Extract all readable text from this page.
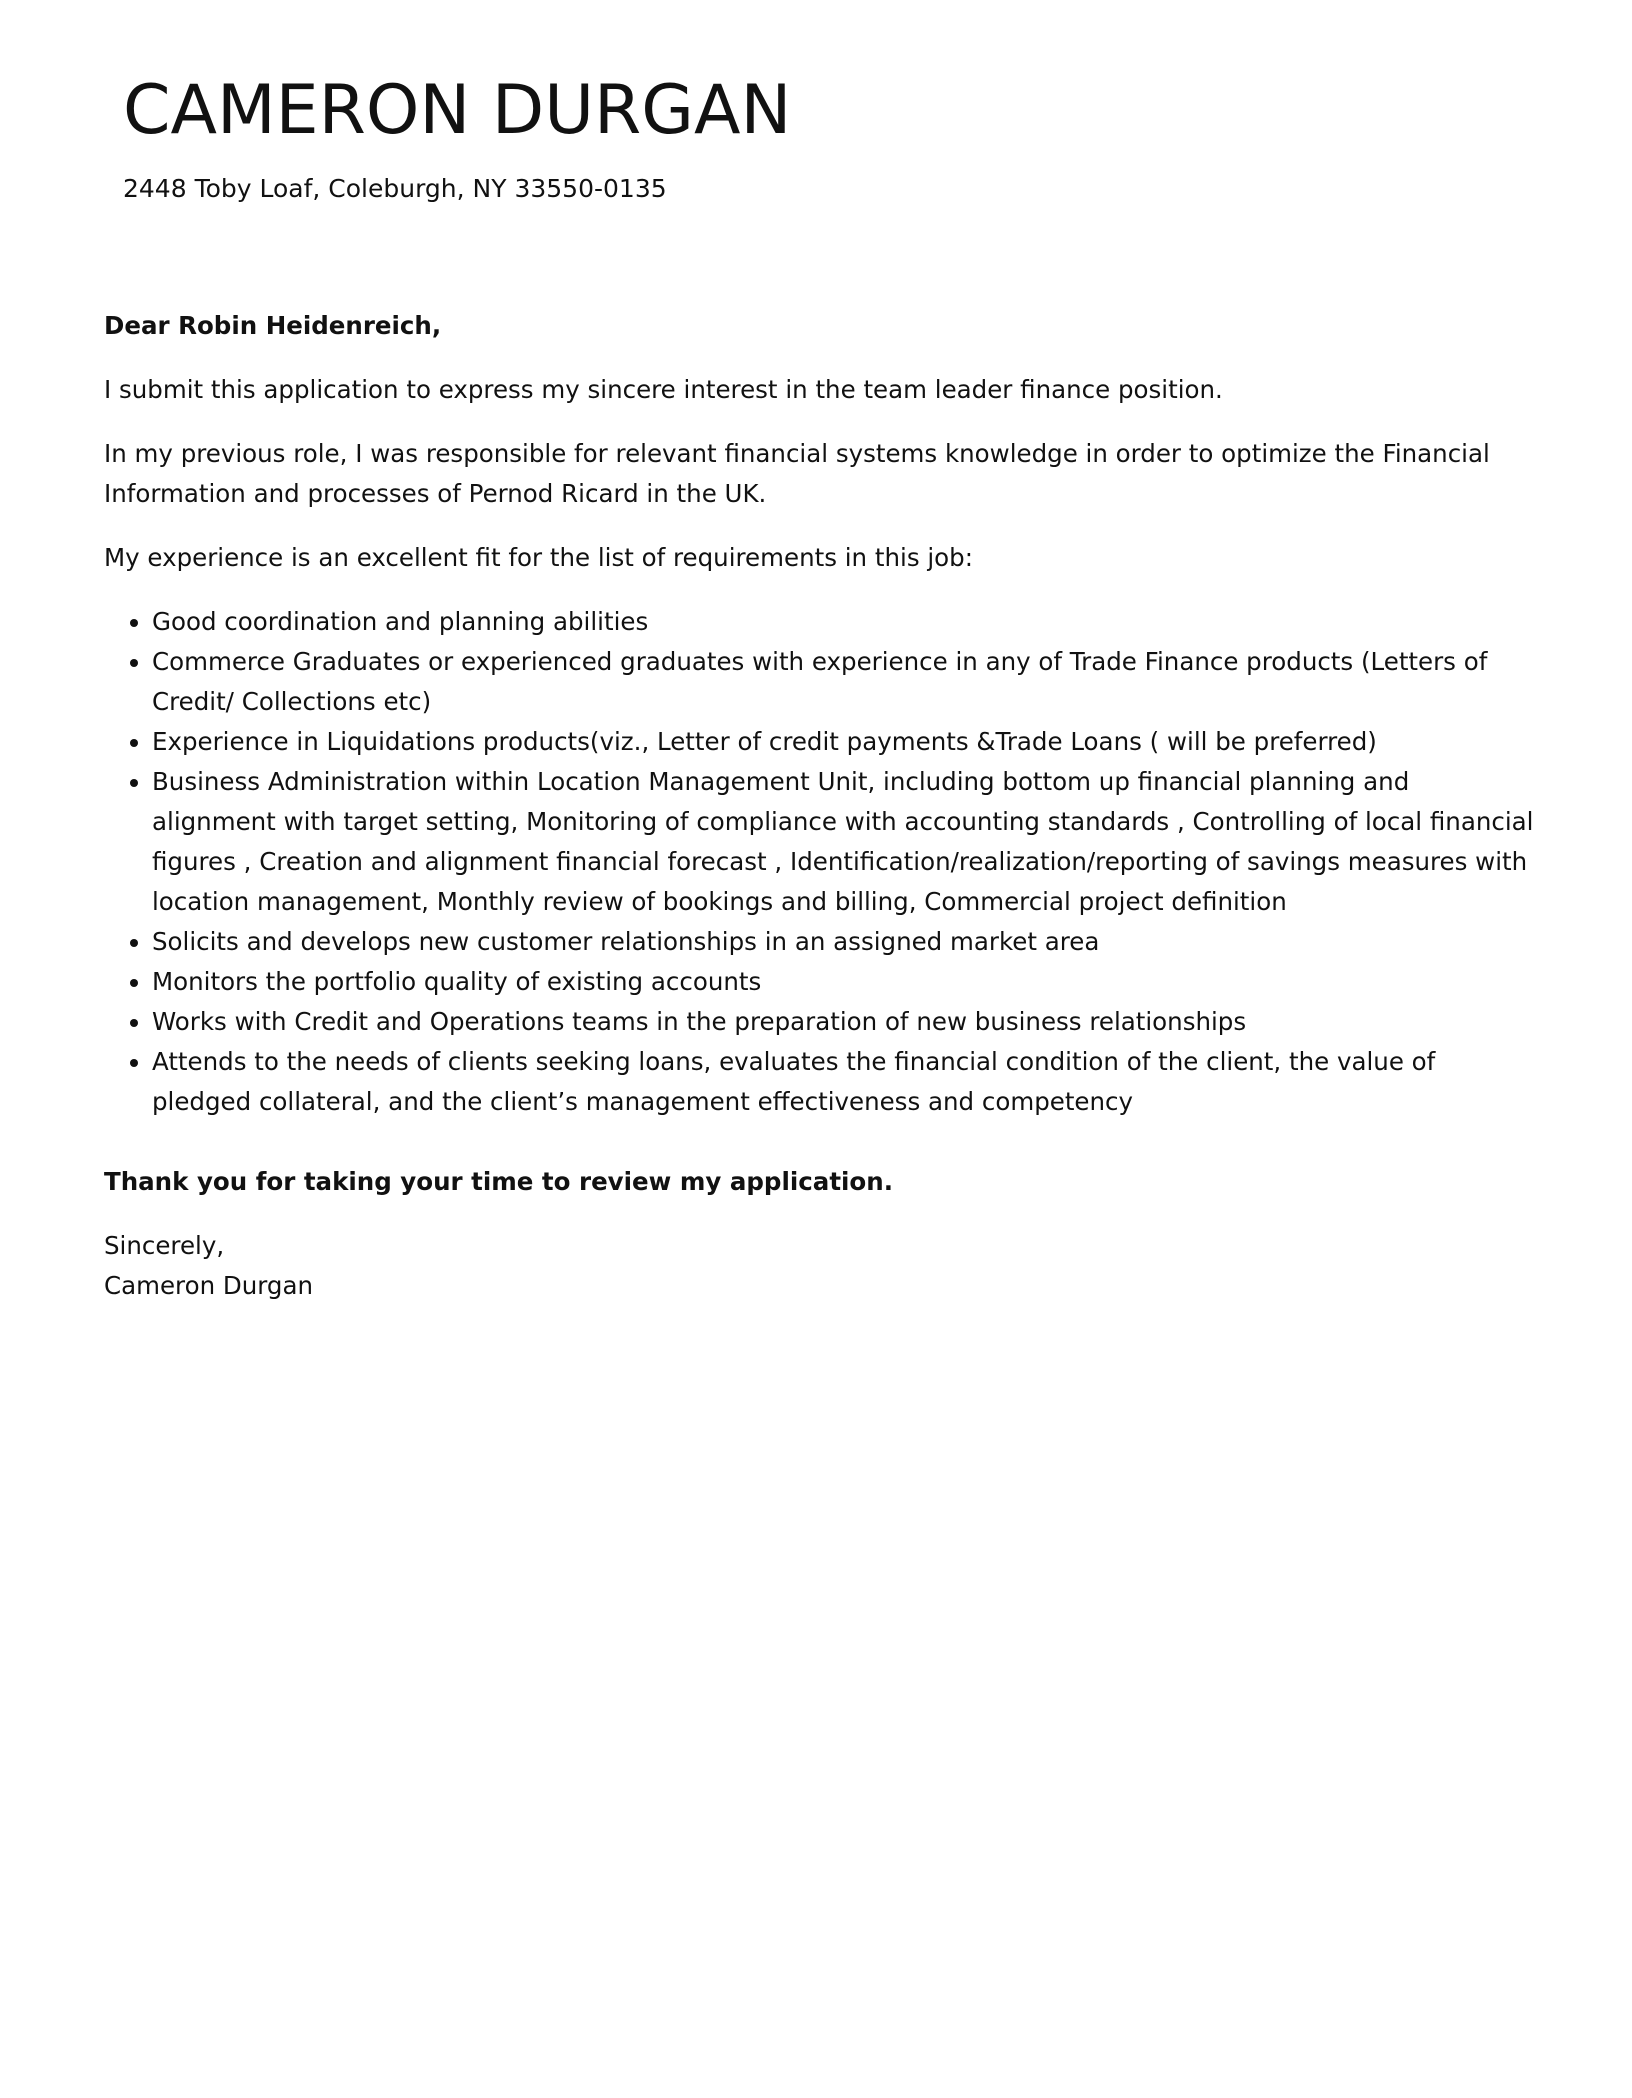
CAMERON DURGAN
2448 Toby Loaf, Coleburgh, NY 33550-0135

Dear Robin Heidenreich,

I submit this application to express my sincere interest in the team leader finance position.

In my previous role, I was responsible for relevant financial systems knowledge in order to optimize the Financial Information and processes of Pernod Ricard in the UK.

My experience is an excellent fit for the list of requirements in this job:

• Good coordination and planning abilities
• Commerce Graduates or experienced graduates with experience in any of Trade Finance products (Letters of Credit/ Collections etc)
• Experience in Liquidations products(viz., Letter of credit payments &Trade Loans ( will be preferred)
• Business Administration within Location Management Unit, including bottom up financial planning and alignment with target setting, Monitoring of compliance with accounting standards , Controlling of local financial figures , Creation and alignment financial forecast , Identification/realization/reporting of savings measures with location management, Monthly review of bookings and billing, Commercial project definition
• Solicits and develops new customer relationships in an assigned market area
• Monitors the portfolio quality of existing accounts
• Works with Credit and Operations teams in the preparation of new business relationships
• Attends to the needs of clients seeking loans, evaluates the financial condition of the client, the value of pledged collateral, and the client’s management effectiveness and competency

Thank you for taking your time to review my application.

Sincerely,

Cameron Durgan
